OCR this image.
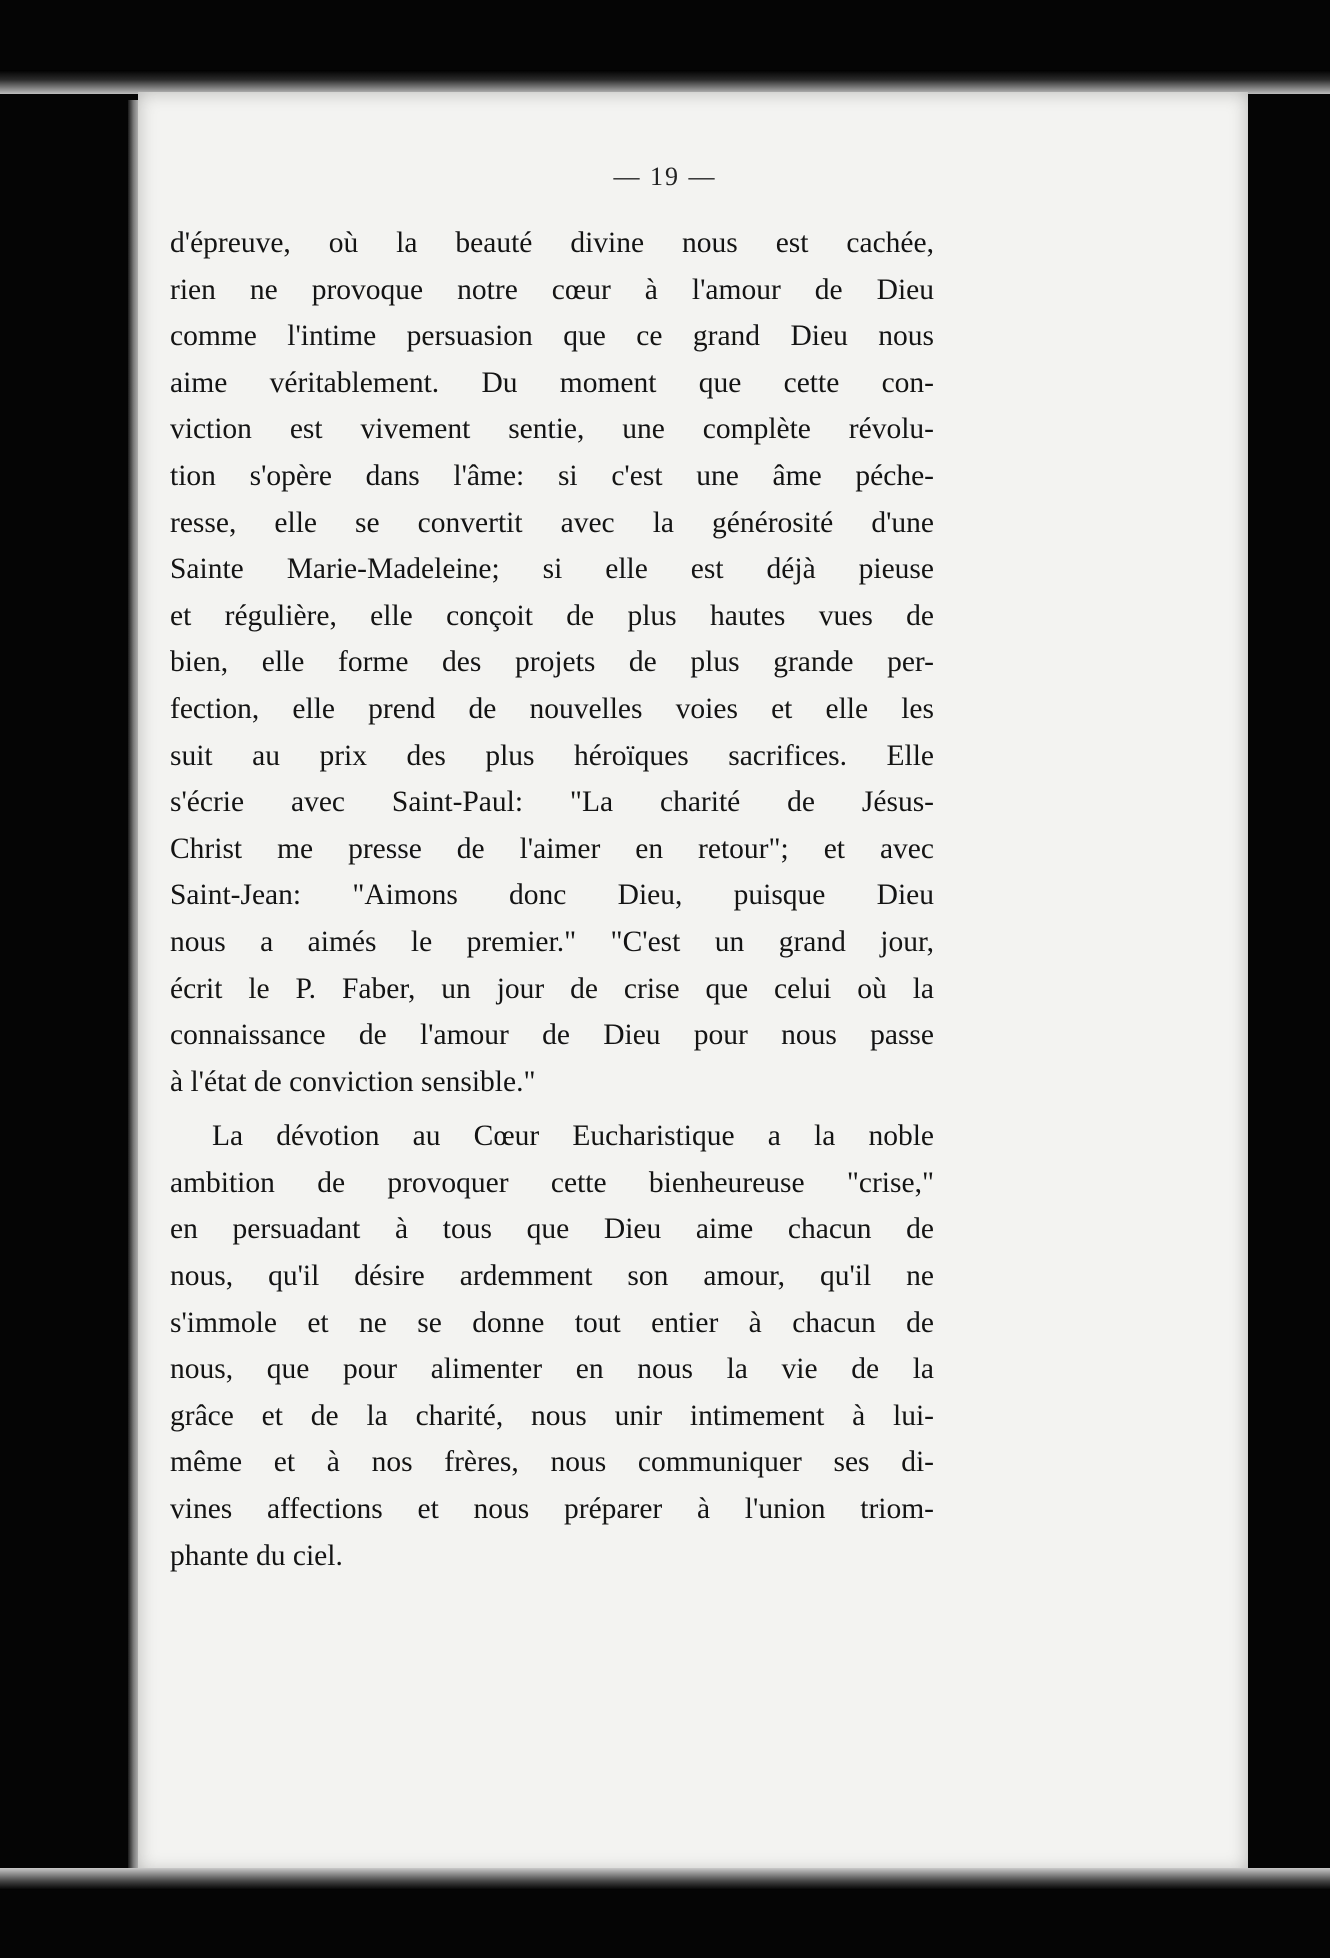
— 19 —

d'épreuve, où la beauté divine nous est cachée,
rien ne provoque notre cœur à l'amour de Dieu
comme l'intime persuasion que ce grand Dieu nous
aime véritablement. Du moment que cette con-
viction est vivement sentie, une complète révolu-
tion s'opère dans l'âme: si c'est une âme péche-
resse, elle se convertit avec la générosité d'une
Sainte Marie-Madeleine; si elle est déjà pieuse
et régulière, elle conçoit de plus hautes vues de
bien, elle forme des projets de plus grande per-
fection, elle prend de nouvelles voies et elle les
suit au prix des plus héroïques sacrifices. Elle
s'écrie avec Saint-Paul: "La charité de Jésus-
Christ me presse de l'aimer en retour"; et avec
Saint-Jean: "Aimons donc Dieu, puisque Dieu
nous a aimés le premier." "C'est un grand jour,
écrit le P. Faber, un jour de crise que celui où la
connaissance de l'amour de Dieu pour nous passe
à l'état de conviction sensible."

La dévotion au Cœur Eucharistique a la noble
ambition de provoquer cette bienheureuse "crise,"
en persuadant à tous que Dieu aime chacun de
nous, qu'il désire ardemment son amour, qu'il ne
s'immole et ne se donne tout entier à chacun de
nous, que pour alimenter en nous la vie de la
grâce et de la charité, nous unir intimement à lui-
même et à nos frères, nous communiquer ses di-
vines affections et nous préparer à l'union triom-
phante du ciel.
